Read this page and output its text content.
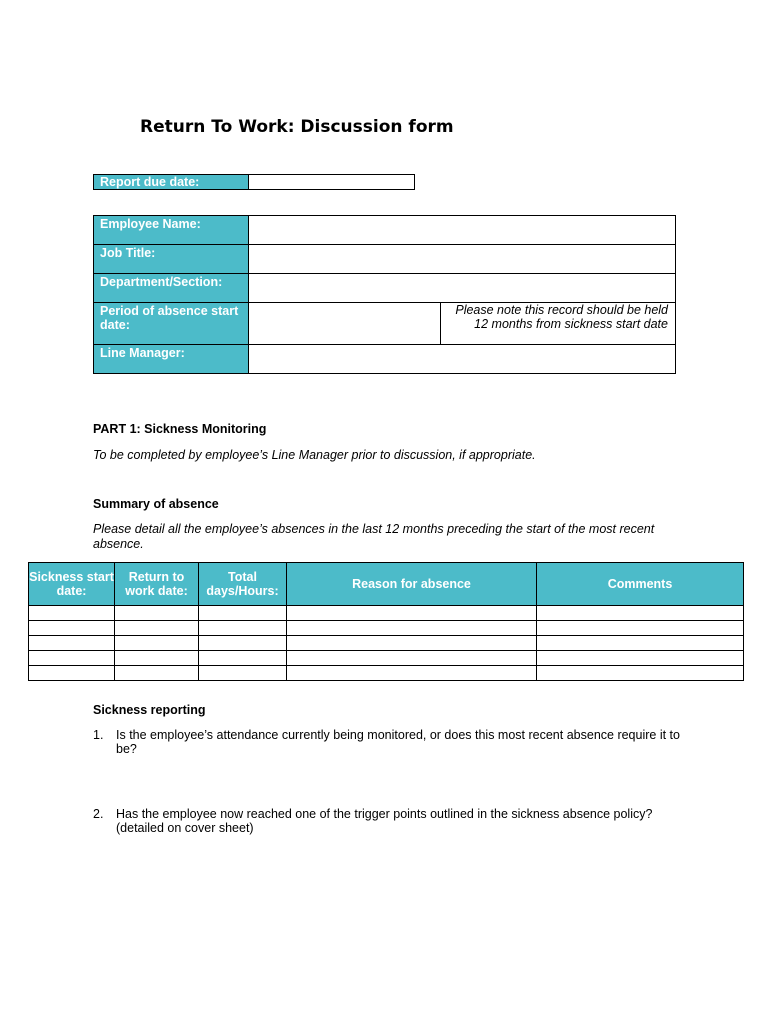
Return To Work: Discussion form
Report due date:	
Employee Name:		
Job Title:		
Department/Section:		
Period of absence start date:		Please note this record should be held 12 months from sickness start date
Line Manager:		

PART 1: Sickness Monitoring

To be completed by employee’s Line Manager prior to discussion, if appropriate.

Summary of absence

Please detail all the employee’s absences in the last 12 months preceding the start of the most recent absence.

Sickness start date:	Return to work date:	Total days/Hours:	Reason for absence	Comments

Sickness reporting

1.	Is the employee’s attendance currently being monitored, or does this most recent absence require it to be?
2.	Has the employee now reached one of the trigger points outlined in the sickness absence policy? (detailed on cover sheet)
